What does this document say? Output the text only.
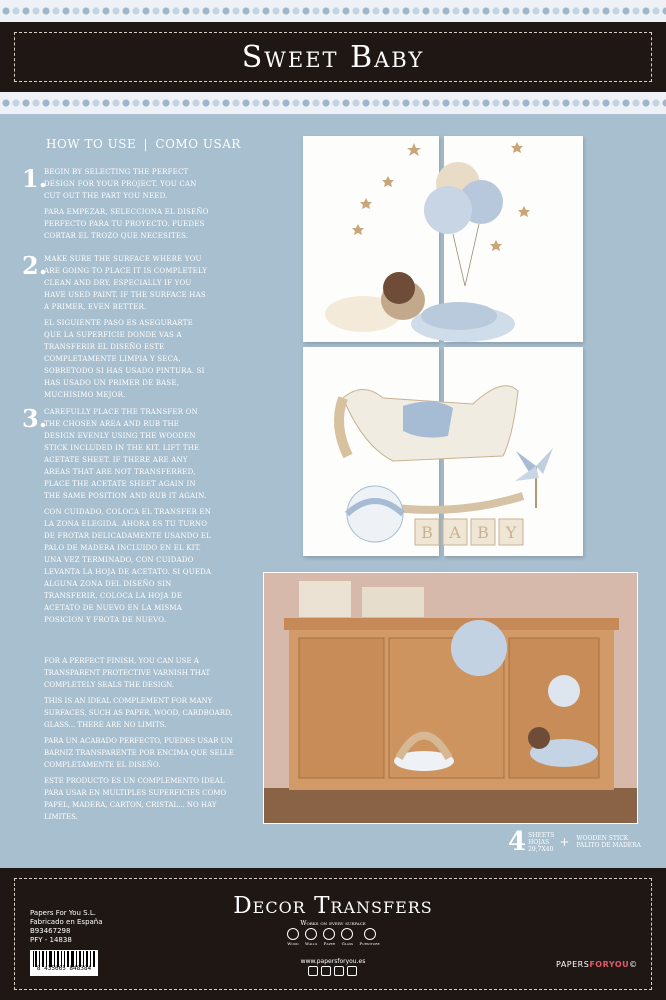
Sweet Baby
HOW TO USE | COMO USAR
1.

BEGIN BY SELECTING THE PERFECT DESIGN FOR YOUR PROJECT. YOU CAN CUT OUT THE PART YOU NEED.

PARA EMPEZAR, SELECCIONA EL DISEÑO PERFECTO PARA TU PROYECTO. PUEDES CORTAR EL TROZO QUE NECESITES.

2.

MAKE SURE THE SURFACE WHERE YOU ARE GOING TO PLACE IT IS COMPLETELY CLEAN AND DRY, ESPECIALLY IF YOU HAVE USED PAINT. IF THE SURFACE HAS A PRIMER, EVEN BETTER.

EL SIGUIENTE PASO ES ASEGURARTE QUE LA SUPERFICIE DONDE VAS A TRANSFERIR EL DISEÑO ESTE COMPLETAMENTE LIMPIA Y SECA, SOBRETODO SI HAS USADO PINTURA. SI HAS USADO UN PRIMER DE BASE, MUCHISIMO MEJOR.

3.

CAREFULLY PLACE THE TRANSFER ON THE CHOSEN AREA AND RUB THE DESIGN EVENLY USING THE WOODEN STICK INCLUDED IN THE KIT. LIFT THE ACETATE SHEET. IF THERE ARE ANY AREAS THAT ARE NOT TRANSFERRED, PLACE THE ACETATE SHEET AGAIN IN THE SAME POSITION AND RUB IT AGAIN.

CON CUIDADO, COLOCA EL TRANSFER EN LA ZONA ELEGIDA. AHORA ES TU TURNO DE FROTAR DELICADAMENTE USANDO EL PALO DE MADERA INCLUIDO EN EL KIT. UNA VEZ TERMINADO, CON CUIDADO LEVANTA LA HOJA DE ACETATO. SI QUEDA ALGUNA ZONA DEL DISEÑO SIN TRANSFERIR, COLOCA LA HOJA DE ACETATO DE NUEVO EN LA MISMA POSICION Y FROTA DE NUEVO.

FOR A PERFECT FINISH, YOU CAN USE A TRANSPARENT PROTECTIVE VARNISH THAT COMPLETELY SEALS THE DESIGN.

THIS IS AN IDEAL COMPLEMENT FOR MANY SURFACES, SUCH AS PAPER, WOOD, CARDBOARD, GLASS... THERE ARE NO LIMITS.

PARA UN ACABADO PERFECTO, PUEDES USAR UN BARNIZ TRANSPARENTE POR ENCIMA QUE SELLE COMPLETAMENTE EL DISEÑO.

ESTE PRODUCTO ES UN COMPLEMENTO IDEAL PARA USAR EN MULTIPLES SUPERFICIES COMO PAPEL, MADERA, CARTON, CRISTAL... NO HAY LIMITES.

B A B Y
4 SHEETS
HOJAS
29,7X40 + WOODEN STICK
PALITO DE MADERA
Papers For You S.L.
Fabricado en España
B93467298
PFY - 14838
8 435665 848384
Decor Transfers
Works on every surface
Wood Walls Paper Glass Furniture
www.papersforyou.es	PAPERSFORYOU©
